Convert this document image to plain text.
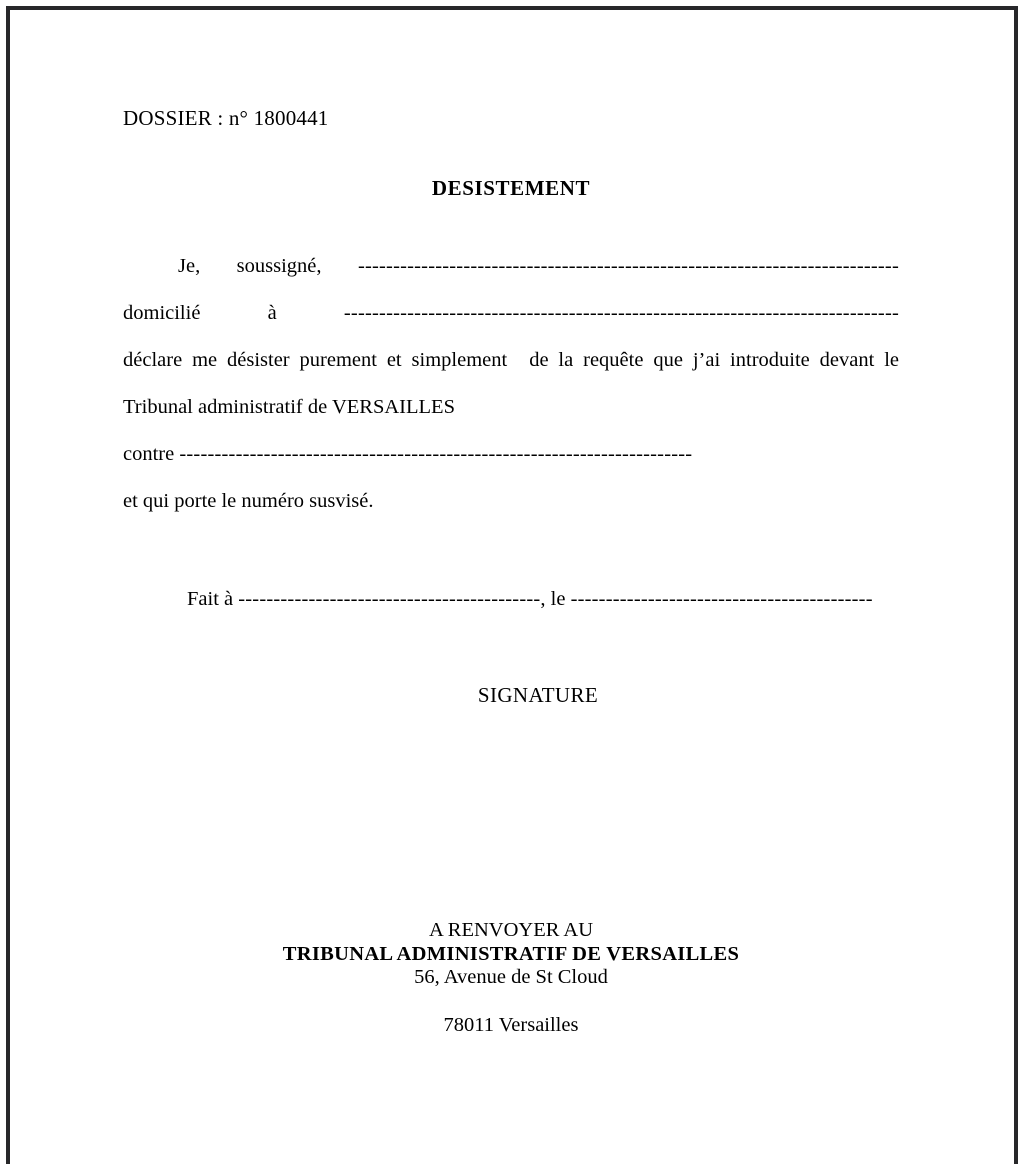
DOSSIER : n° 1800441
DESISTEMENT

Je, soussigné, -----------------------------------------------------------------------------

domicilié à	-------------------------------------------------------------------------------

déclare me désister purement et simplement de la requête que j’ai introduite devant le

Tribunal administratif de VERSAILLES

contre -------------------------------------------------------------------------

et qui porte le numéro susvisé.

Fait à -------------------------------------------, le -------------------------------------------
SIGNATURE
A RENVOYER AU
TRIBUNAL ADMINISTRATIF DE VERSAILLES
56, Avenue de St Cloud
78011 Versailles
